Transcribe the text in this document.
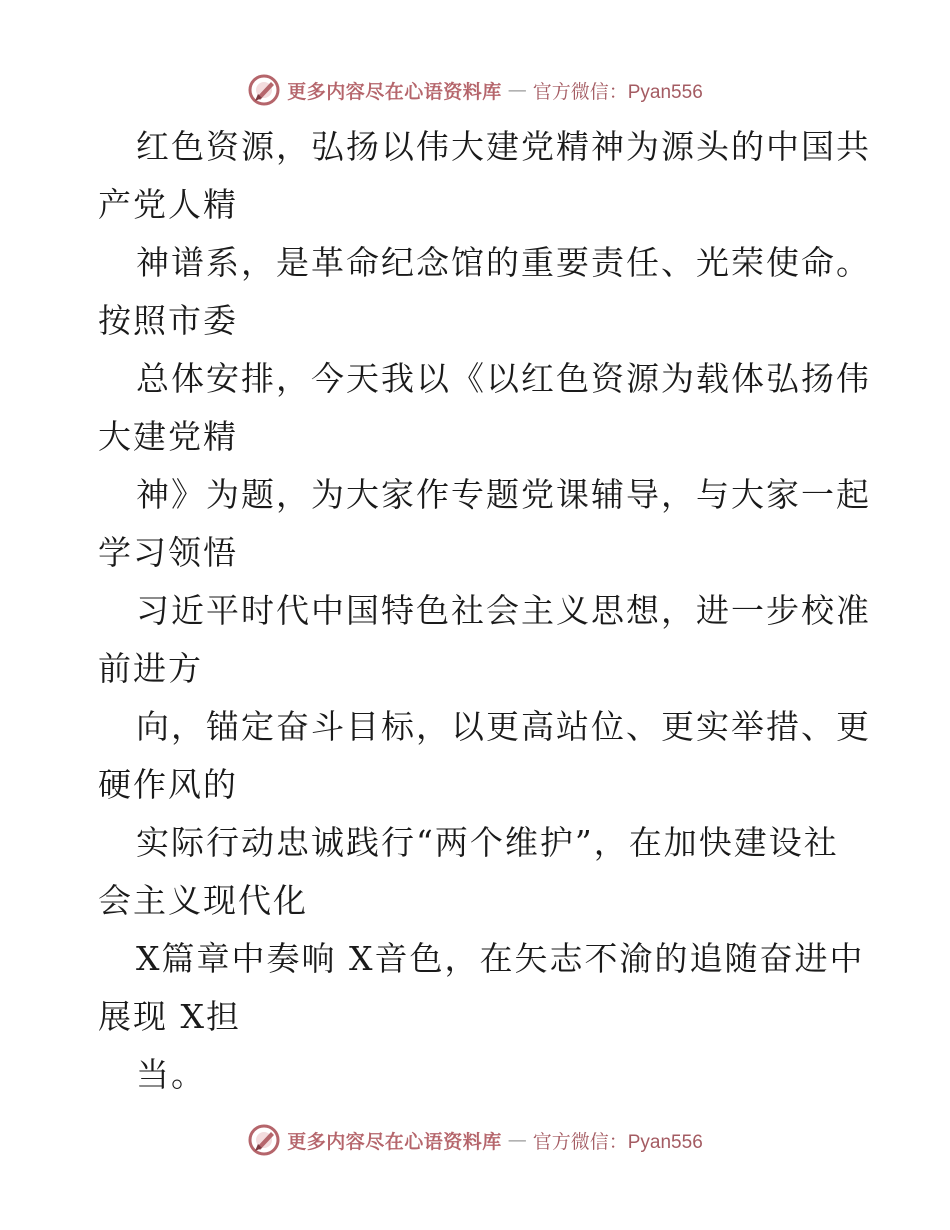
更多内容尽在心语资料库 — 官方微信：Pyan556
红色资源，弘扬以伟大建党精神为源头的中国共
产党人精
神谱系，是革命纪念馆的重要责任、光荣使命。
按照市委
总体安排，今天我以《以红色资源为载体弘扬伟
大建党精
神》为题，为大家作专题党课辅导，与大家一起
学习领悟
习近平时代中国特色社会主义思想，进一步校准
前进方
向，锚定奋斗目标，以更高站位、更实举措、更
硬作风的
实际行动忠诚践行“两个维护”，在加快建设社
会主义现代化
X篇章中奏响 X音色，在矢志不渝的追随奋进中
展现 X担
当。
更多内容尽在心语资料库 — 官方微信：Pyan556
